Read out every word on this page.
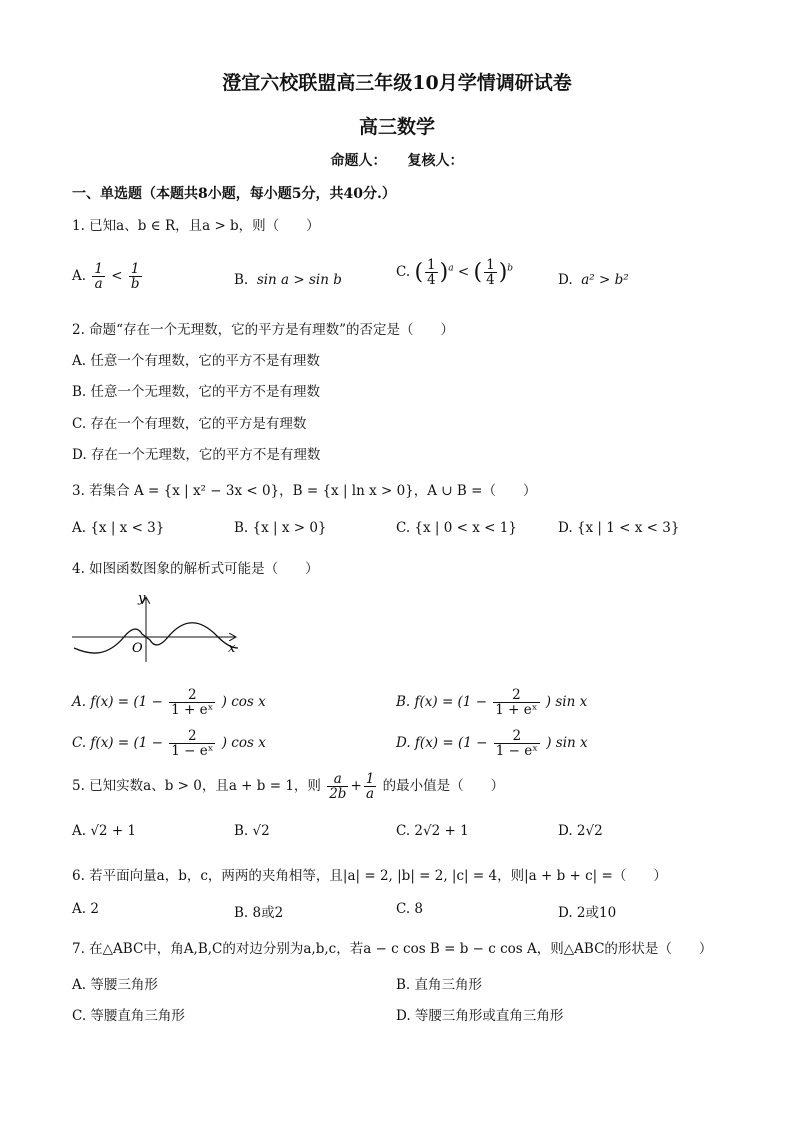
澄宜六校联盟高三年级10月学情调研试卷
高三数学
命题人：　　复核人：
一、单选题（本题共8小题，每小题5分，共40分.）
1. 已知a、b ∈ R，且a > b，则（　　）
A. $\frac{1}{a} < \frac{1}{b}$	B. sin a > sin b	C. ( $\frac{1}{4} )^a$ < ( $\frac{1}{4} )^b$
D. a² > b²
2. 命题“存在一个无理数，它的平方是有理数”的否定是（　　）
A. 任意一个有理数，它的平方不是有理数
B. 任意一个无理数，它的平方不是有理数
C. 存在一个有理数，它的平方是有理数
D. 存在一个无理数，它的平方不是有理数
3. 若集合 A = {x | x² − 3x < 0}，B = {x | ln x > 0}，A ∪ B =（　　）
A. {x | x < 3}	B. {x | x > 0}	C. {x | 0 < x < 1}	D. {x | 1 < x < 3}
4. 如图函数图象的解析式可能是（　　）
y
x
O
A. $f(x) = (1 - \frac{2}{\text{1 + eˣ}}$ ) cos x	B. $f(x) = (1 - \frac{2}{\text{1 + eˣ}}$ ) sin x
C. $f(x) = (1 - \frac{2}{\text{1 − eˣ}}$ ) cos x	D. $f(x) = (1 - \frac{2}{\text{1 − eˣ}}$ ) sin x
5. 已知实数a、b > 0，且a + b = 1，则 $\frac{a}{2b} + \frac{1}{a}$ 的最小值是（　　）
A. √2 + 1	B. √2	C. 2√2 + 1	D. 2√2
6. 若平面向量a，b，c，两两的夹角相等，且|a| = 2, |b| = 2, |c| = 4，则|a + b + c| =（　　）
A. 2	B. 8或2	C. 8	D. 2或10
7. 在△ABC中，角A,B,C的对边分别为a,b,c，若a − c cos B = b − c cos A，则△ABC的形状是（　　）
A. 等腰三角形	B. 直角三角形
C. 等腰直角三角形	D. 等腰三角形或直角三角形
